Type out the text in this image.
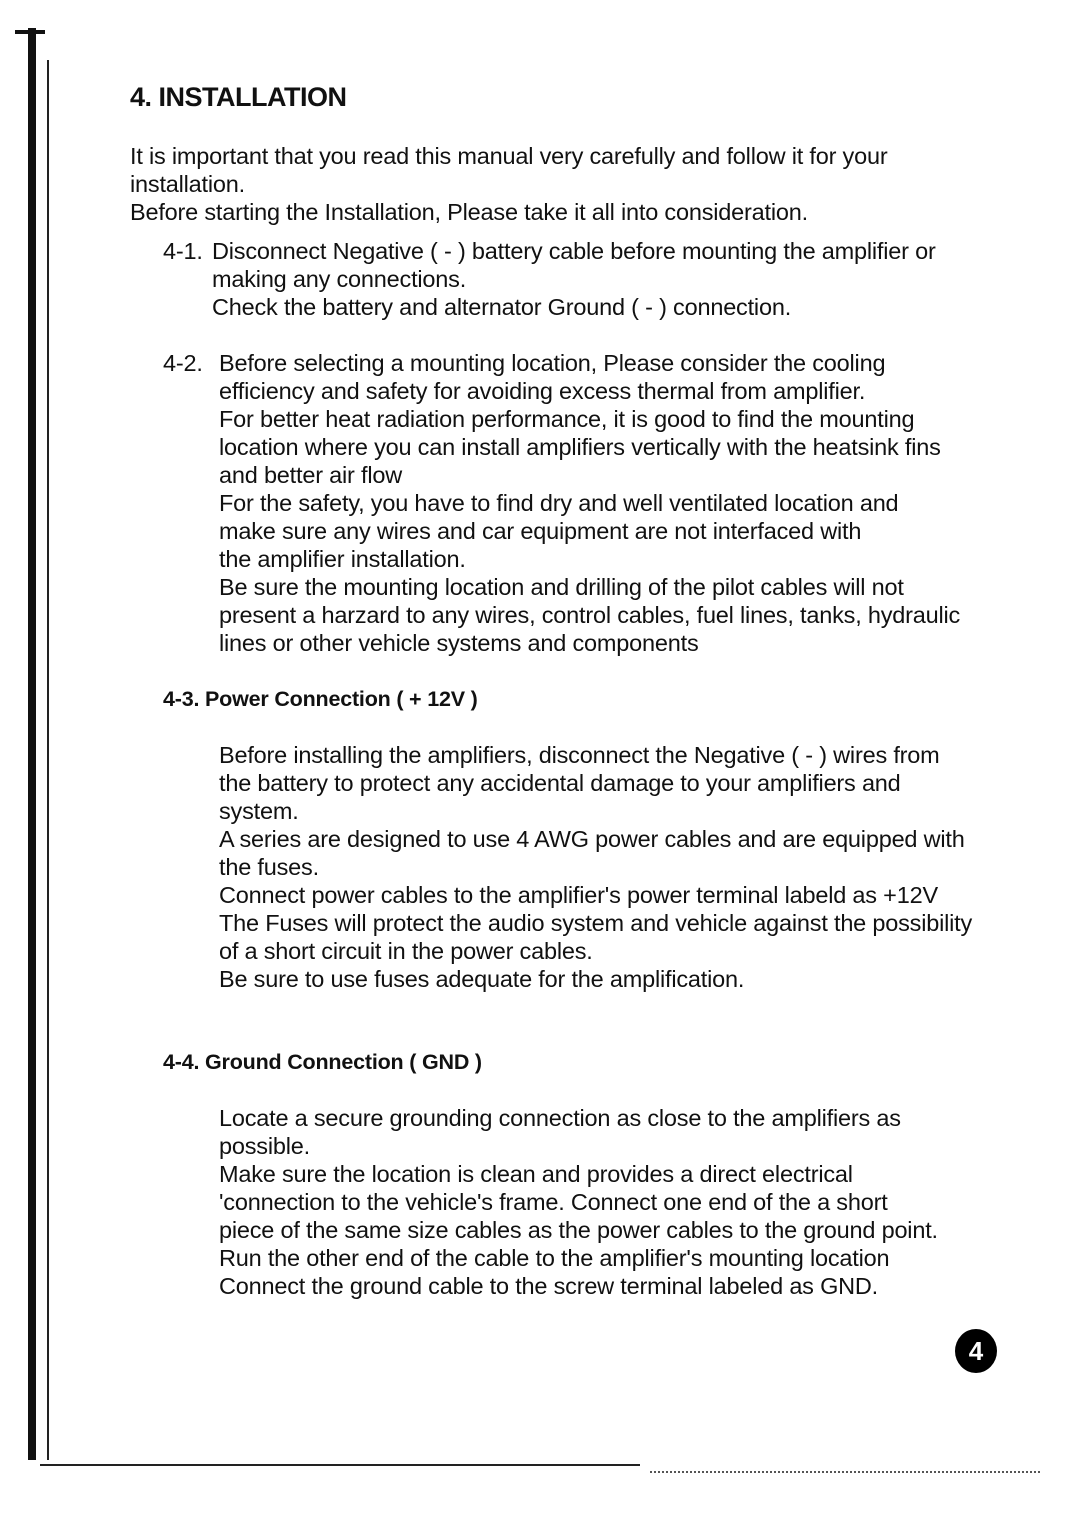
4. INSTALLATION
It is important that you read this manual very carefully and follow it for your
installation.
Before starting the Installation, Please take it all into consideration.
4-1. Disconnect Negative ( - ) battery cable before mounting the amplifier or
making any connections.
Check the battery and alternator Ground ( - ) connection.
4-2. Before selecting a mounting location, Please consider the cooling
efficiency and safety for avoiding excess thermal from amplifier.
For better heat radiation performance, it is good to find the mounting
location where you can install amplifiers vertically with the heatsink fins
and better air flow
For the safety, you have to find dry and well ventilated location and
make sure any wires and car equipment are not interfaced with
the amplifier installation.
Be sure the mounting location and drilling of the pilot cables will not
present a harzard to any wires, control cables, fuel lines, tanks, hydraulic
lines or other vehicle systems and components
4-3. Power Connection ( + 12V )
Before installing the amplifiers, disconnect the Negative ( - ) wires from
the battery to protect any accidental damage to your amplifiers and
system.
A series are designed to use 4 AWG power cables and are equipped with
the fuses.
Connect power cables to the amplifier's power terminal labeld as +12V
The Fuses will protect the audio system and vehicle against the possibility
of a short circuit in the power cables.
Be sure to use fuses adequate for the amplification.
4-4. Ground Connection ( GND )
Locate a secure grounding connection as close to the amplifiers as
possible.
Make sure the location is clean and provides a direct electrical
'connection to the vehicle's frame. Connect one end of the a short
piece of the same size cables as the power cables to the ground point.
Run the other end of the cable to the amplifier's mounting location
Connect the ground cable to the screw terminal labeled as GND.
4
